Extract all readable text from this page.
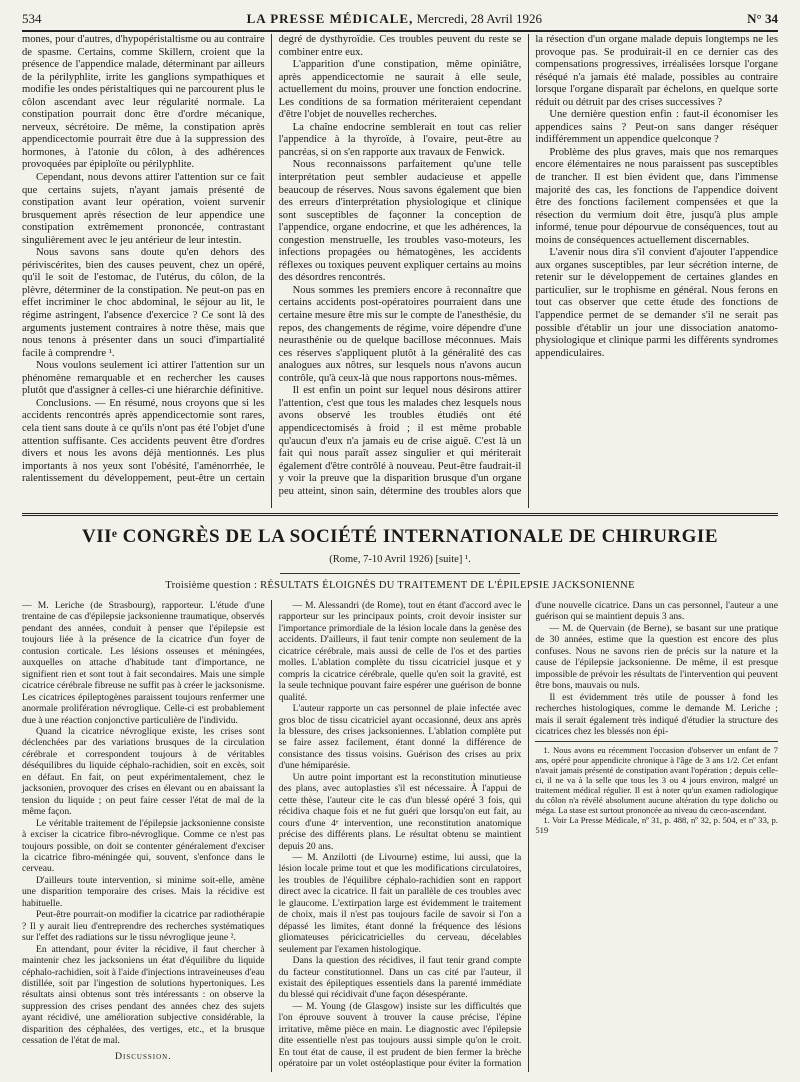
534	LA PRESSE MÉDICALE, Mercredi, 28 Avril 1926	N° 34

mones, pour d'autres, d'hypopéristaltisme ou au contraire de spasme. Certains, comme Skillern, croient que la présence de l'appendice malade, déterminant par ailleurs de la périlyphlite, irrite les ganglions sympathiques et modifie les ondes péristaltiques qui ne parcourent plus le côlon ascendant avec leur régularité normale. La constipation pourrait donc être d'ordre mécanique, nerveux, sécrétoire. De même, la constipation après appendicectomie pourrait être due à la suppression des hormones, à l'atonie du côlon, à des adhérences provoquées par épiploïte ou périlyphlite.

Cependant, nous devons attirer l'attention sur ce fait que certains sujets, n'ayant jamais présenté de constipation avant leur opération, voient survenir brusquement après résection de leur appendice une constipation extrêmement prononcée, contrastant singulièrement avec le jeu antérieur de leur intestin.

Nous savons sans doute qu'en dehors des périviscérites, bien des causes peuvent, chez un opéré, qu'il le soit de l'estomac, de l'utérus, du côlon, de la plèvre, déterminer de la constipation. Ne peut-on pas en effet incriminer le choc abdominal, le séjour au lit, le régime astringent, l'absence d'exercice ? Ce sont là des arguments justement contraires à notre thèse, mais que nous tenons à présenter dans un souci d'impartialité facile à comprendre ¹.

Nous voulons seulement ici attirer l'attention sur un phénomène remarquable et en rechercher les causes plutôt que d'assigner à celles-ci une hiérarchie définitive.

Conclusions. — En résumé, nous croyons que si les accidents rencontrés après appendicectomie sont rares, cela tient sans doute à ce qu'ils n'ont pas été l'objet d'une attention suffisante. Ces accidents peuvent être d'ordres divers et nous les avons déjà mentionnés. Les plus importants à nos yeux sont l'obésité, l'aménorrhée, le ralentissement du développement, peut-être un certain degré de dysthyroïdie. Ces troubles peuvent du reste se combiner entre eux.

L'apparition d'une constipation, même opiniâtre, après appendicectomie ne saurait à elle seule, actuellement du moins, prouver une fonction endocrine. Les conditions de sa formation mériteraient cependant d'être l'objet de nouvelles recherches.

La chaîne endocrine semblerait en tout cas relier l'appendice à la thyroïde, à l'ovaire, peut-être au pancréas, si on s'en rapporte aux travaux de Fenwick.

Nous reconnaissons parfaitement qu'une telle interprétation peut sembler audacieuse et appelle beaucoup de réserves. Nous savons également que bien des erreurs d'interprétation physiologique et clinique sont susceptibles de façonner la conception de l'appendice, organe endocrine, et que les adhérences, la congestion menstruelle, les troubles vaso-moteurs, les infections propagées ou hématogènes, les accidents réflexes ou toxiques peuvent expliquer certains au moins des désordres rencontrés.

Nous sommes les premiers encore à reconnaître que certains accidents post-opératoires pourraient dans une certaine mesure être mis sur le compte de l'anesthésie, du repos, des changements de régime, voire dépendre d'une neurasthénie ou de quelque bacillose méconnues. Mais ces réserves s'appliquent plutôt à la généralité des cas analogues aux nôtres, sur lesquels nous n'avons aucun contrôle, qu'à ceux-là que nous rapportons nous-mêmes.

Il est enfin un point sur lequel nous désirons attirer l'attention, c'est que tous les malades chez lesquels nous avons observé les troubles étudiés ont été appendicectomisés à froid ; il est même probable qu'aucun d'eux n'a jamais eu de crise aiguë. C'est là un fait qui nous paraît assez singulier et qui mériterait également d'être contrôlé à nouveau. Peut-être faudrait-il y voir la preuve que la disparition brusque d'un organe peu atteint, sinon sain, détermine des troubles alors que la résection d'un organe malade depuis longtemps ne les provoque pas. Se produirait-il en ce dernier cas des compensations progressives, irréalisées lorsque l'organe réséqué n'a jamais été malade, possibles au contraire lorsque l'organe disparaît par échelons, en quelque sorte réduit ou détruit par des crises successives ?

Une dernière question enfin : faut-il économiser les appendices sains ? Peut-on sans danger réséquer indifféremment un appendice quelconque ?

Problème des plus graves, mais que nos remarques encore élémentaires ne nous paraissent pas susceptibles de trancher. Il est bien évident que, dans l'immense majorité des cas, les fonctions de l'appendice doivent être des fonctions facilement compensées et que la résection du vermium doit être, jusqu'à plus ample informé, tenue pour dépourvue de conséquences, tout au moins de conséquences actuellement discernables.

L'avenir nous dira s'il convient d'ajouter l'appendice aux organes susceptibles, par leur sécrétion interne, de retenir sur le développement de certaines glandes en particulier, sur le trophisme en général. Nous ferons en tout cas observer que cette étude des fonctions de l'appendice permet de se demander s'il ne serait pas possible d'établir un jour une dissociation anatomo-physiologique et clinique parmi les différents syndromes appendiculaires.

VIIᵉ CONGRÈS DE LA SOCIÉTÉ INTERNATIONALE DE CHIRURGIE
(Rome, 7-10 Avril 1926) [suite] ¹.
Troisième question : RÉSULTATS ÉLOIGNÉS DU TRAITEMENT DE L'ÉPILEPSIE JACKSONIENNE

— M. Leriche (de Strasbourg), rapporteur. L'étude d'une trentaine de cas d'épilepsie jacksonienne traumatique, observés pendant des années, conduit à penser que l'épilepsie est toujours liée à la présence de la cicatrice d'un foyer de contusion corticale. Les lésions osseuses et méningées, auxquelles on attache d'habitude tant d'importance, ne signifient rien et sont tout à fait secondaires. Mais une simple cicatrice cérébrale fibreuse ne suffit pas à créer le jacksonisme. Les cicatrices épileptogènes paraissent toujours renfermer une anormale prolifération névroglique. Celle-ci est probablement due à une réaction conjonctive particulière de l'individu.

Quand la cicatrice névroglique existe, les crises sont déclenchées par des variations brusques de la circulation cérébrale et correspondent toujours à de véritables déséquilibres du liquide céphalo-rachidien, soit en excès, soit en défaut. En fait, on peut expérimentalement, chez le jacksonien, provoquer des crises en élevant ou en abaissant la tension du liquide ; on peut faire cesser l'état de mal de la même façon.

Le véritable traitement de l'épilepsie jacksonienne consiste à exciser la cicatrice fibro-névroglique. Comme ce n'est pas toujours possible, on doit se contenter généralement d'exciser la cicatrice fibro-méningée qui, souvent, s'enfonce dans le cerveau.

D'ailleurs toute intervention, si minime soit-elle, amène une disparition temporaire des crises. Mais la récidive est habituelle.

Peut-être pourrait-on modifier la cicatrice par radiothérapie ? Il y aurait lieu d'entreprendre des recherches systématiques sur l'effet des radiations sur le tissu névroglique jeune ².

En attendant, pour éviter la récidive, il faut chercher à maintenir chez les jacksoniens un état d'équilibre du liquide céphalo-rachidien, soit à l'aide d'injections intraveineuses d'eau distillée, soit par l'ingestion de solutions hypertoniques. Les résultats ainsi obtenus sont très intéressants : on observe la suppression des crises pendant des années chez des sujets ayant récidivé, une amélioration subjective considérable, la disparition des céphalées, des vertiges, etc., et la brusque cessation de l'état de mal.

Discussion.

— M. Alessandri (de Rome), tout en étant d'accord avec le rapporteur sur les principaux points, croit devoir insister sur l'importance primordiale de la lésion locale dans la genèse des accidents. D'ailleurs, il faut tenir compte non seulement de la cicatrice cérébrale, mais aussi de celle de l'os et des parties molles. L'ablation complète du tissu cicatriciel jusque et y compris la cicatrice cérébrale, quelle qu'en soit la gravité, est la seule technique pouvant faire espérer une guérison de bonne qualité.

L'auteur rapporte un cas personnel de plaie infectée avec gros bloc de tissu cicatriciel ayant occasionné, deux ans après la blessure, des crises jacksoniennes. L'ablation complète put se faire assez facilement, étant donné la différence de consistance des tissus voisins. Guérison des crises au prix d'une hémiparésie.

Un autre point important est la reconstitution minutieuse des plans, avec autoplasties s'il est nécessaire. À l'appui de cette thèse, l'auteur cite le cas d'un blessé opéré 3 fois, qui récidiva chaque fois et ne fut guéri que lorsqu'on eut fait, au cours d'une 4ᵉ intervention, une reconstitution anatomique précise des différents plans. Le résultat obtenu se maintient depuis 20 ans.

— M. Anzilotti (de Livourne) estime, lui aussi, que la lésion locale prime tout et que les modifications circulatoires, les troubles de l'équilibre céphalo-rachidien sont en rapport direct avec la cicatrice. Il fait un parallèle de ces troubles avec le glaucome. L'extirpation large est évidemment le traitement de choix, mais il n'est pas toujours facile de savoir si l'on a dépassé les limites, étant donné la fréquence des lésions gliomateuses péricicatricielles du cerveau, décelables seulement par l'examen histologique.

Dans la question des récidives, il faut tenir grand compte du facteur constitutionnel. Dans un cas cité par l'auteur, il existait des épileptiques essentiels dans la parenté immédiate du blessé qui récidivait d'une façon désespérante.

— M. Young (de Glasgow) insiste sur les difficultés que l'on éprouve souvent à trouver la cause précise, l'épine irritative, même pièce en main. Le diagnostic avec l'épilepsie dite essentielle n'est pas toujours aussi simple qu'on le croit. En tout état de cause, il est prudent de bien fermer la brèche opératoire par un volet ostéoplastique pour éviter la formation d'une nouvelle cicatrice. Dans un cas personnel, l'auteur a une guérison qui se maintient depuis 3 ans.

— M. de Quervain (de Berne), se basant sur une pratique de 30 années, estime que la question est encore des plus confuses. Nous ne savons rien de précis sur la nature et la cause de l'épilepsie jacksonienne. De même, il est presque impossible de prévoir les résultats de l'intervention qui peuvent être bons, mauvais ou nuls.

Il est évidemment très utile de pousser à fond les recherches histologiques, comme le demande M. Leriche ; mais il serait également très indiqué d'étudier la structure des cicatrices chez les blessés non épi-

1. Nous avons eu récemment l'occasion d'observer un enfant de 7 ans, opéré pour appendicite chronique à l'âge de 3 ans 1/2. Cet enfant n'avait jamais présenté de constipation avant l'opération ; depuis celle-ci, il ne va à la selle que tous les 3 ou 4 jours environ, malgré un traitement médical régulier. Il est à noter qu'un examen radiologique du côlon n'a révélé absolument aucune altération du type dolicho ou méga. La stase est surtout prononcée au niveau du cæco-ascendant.

1. Voir La Presse Médicale, nº 31, p. 488, nº 32, p. 504, et nº 33, p. 519
